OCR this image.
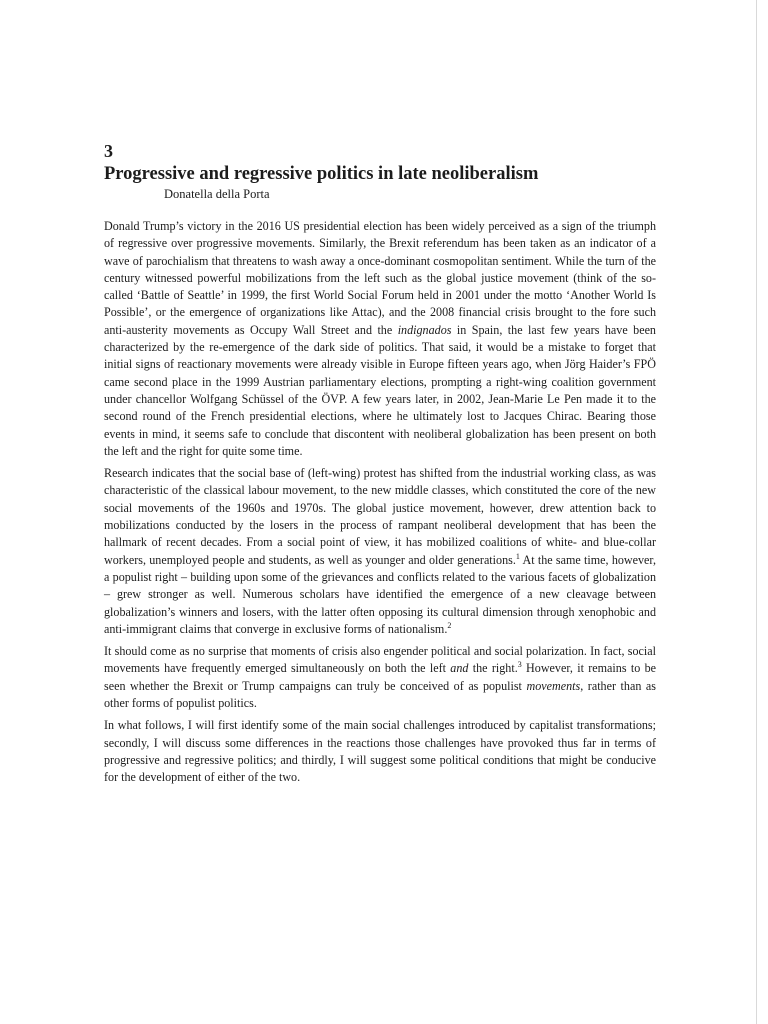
3
Progressive and regressive politics in late neoliberalism
Donatella della Porta

Donald Trump’s victory in the 2016 US presidential election has been widely perceived as a sign of the triumph of regressive over progressive movements. Similarly, the Brexit referendum has been taken as an indicator of a wave of parochialism that threatens to wash away a once-dominant cosmopolitan sentiment. While the turn of the century witnessed powerful mobilizations from the left such as the global justice movement (think of the so-called ‘Battle of Seattle’ in 1999, the first World Social Forum held in 2001 under the motto ‘Another World Is Possible’, or the emergence of organizations like Attac), and the 2008 financial crisis brought to the fore such anti-austerity movements as Occupy Wall Street and the indignados in Spain, the last few years have been characterized by the re-emergence of the dark side of politics. That said, it would be a mistake to forget that initial signs of reactionary movements were already visible in Europe fifteen years ago, when Jörg Haider’s FPÖ came second place in the 1999 Austrian parliamentary elections, prompting a right-wing coalition government under chancellor Wolfgang Schüssel of the ÖVP. A few years later, in 2002, Jean-Marie Le Pen made it to the second round of the French presidential elections, where he ultimately lost to Jacques Chirac. Bearing those events in mind, it seems safe to conclude that discontent with neoliberal globalization has been present on both the left and the right for quite some time.

Research indicates that the social base of (left-wing) protest has shifted from the industrial working class, as was characteristic of the classical labour movement, to the new middle classes, which constituted the core of the new social movements of the 1960s and 1970s. The global justice movement, however, drew attention back to mobilizations conducted by the losers in the process of rampant neoliberal development that has been the hallmark of recent decades. From a social point of view, it has mobilized coalitions of white- and blue-collar workers, unemployed people and students, as well as younger and older generations.$^1$ At the same time, however, a populist right – building upon some of the grievances and conflicts related to the various facets of globalization – grew stronger as well. Numerous scholars have identified the emergence of a new cleavage between globalization’s winners and losers, with the latter often opposing its cultural dimension through xenophobic and anti-immigrant claims that converge in exclusive forms of nationalism.$^2$

It should come as no surprise that moments of crisis also engender political and social polarization. In fact, social movements have frequently emerged simultaneously on both the left and the right.$^3$ However, it remains to be seen whether the Brexit or Trump campaigns can truly be conceived of as populist movements, rather than as other forms of populist politics.

In what follows, I will first identify some of the main social challenges introduced by capitalist transformations; secondly, I will discuss some differences in the reactions those challenges have provoked thus far in terms of progressive and regressive politics; and thirdly, I will suggest some political conditions that might be conducive for the development of either of the two.
